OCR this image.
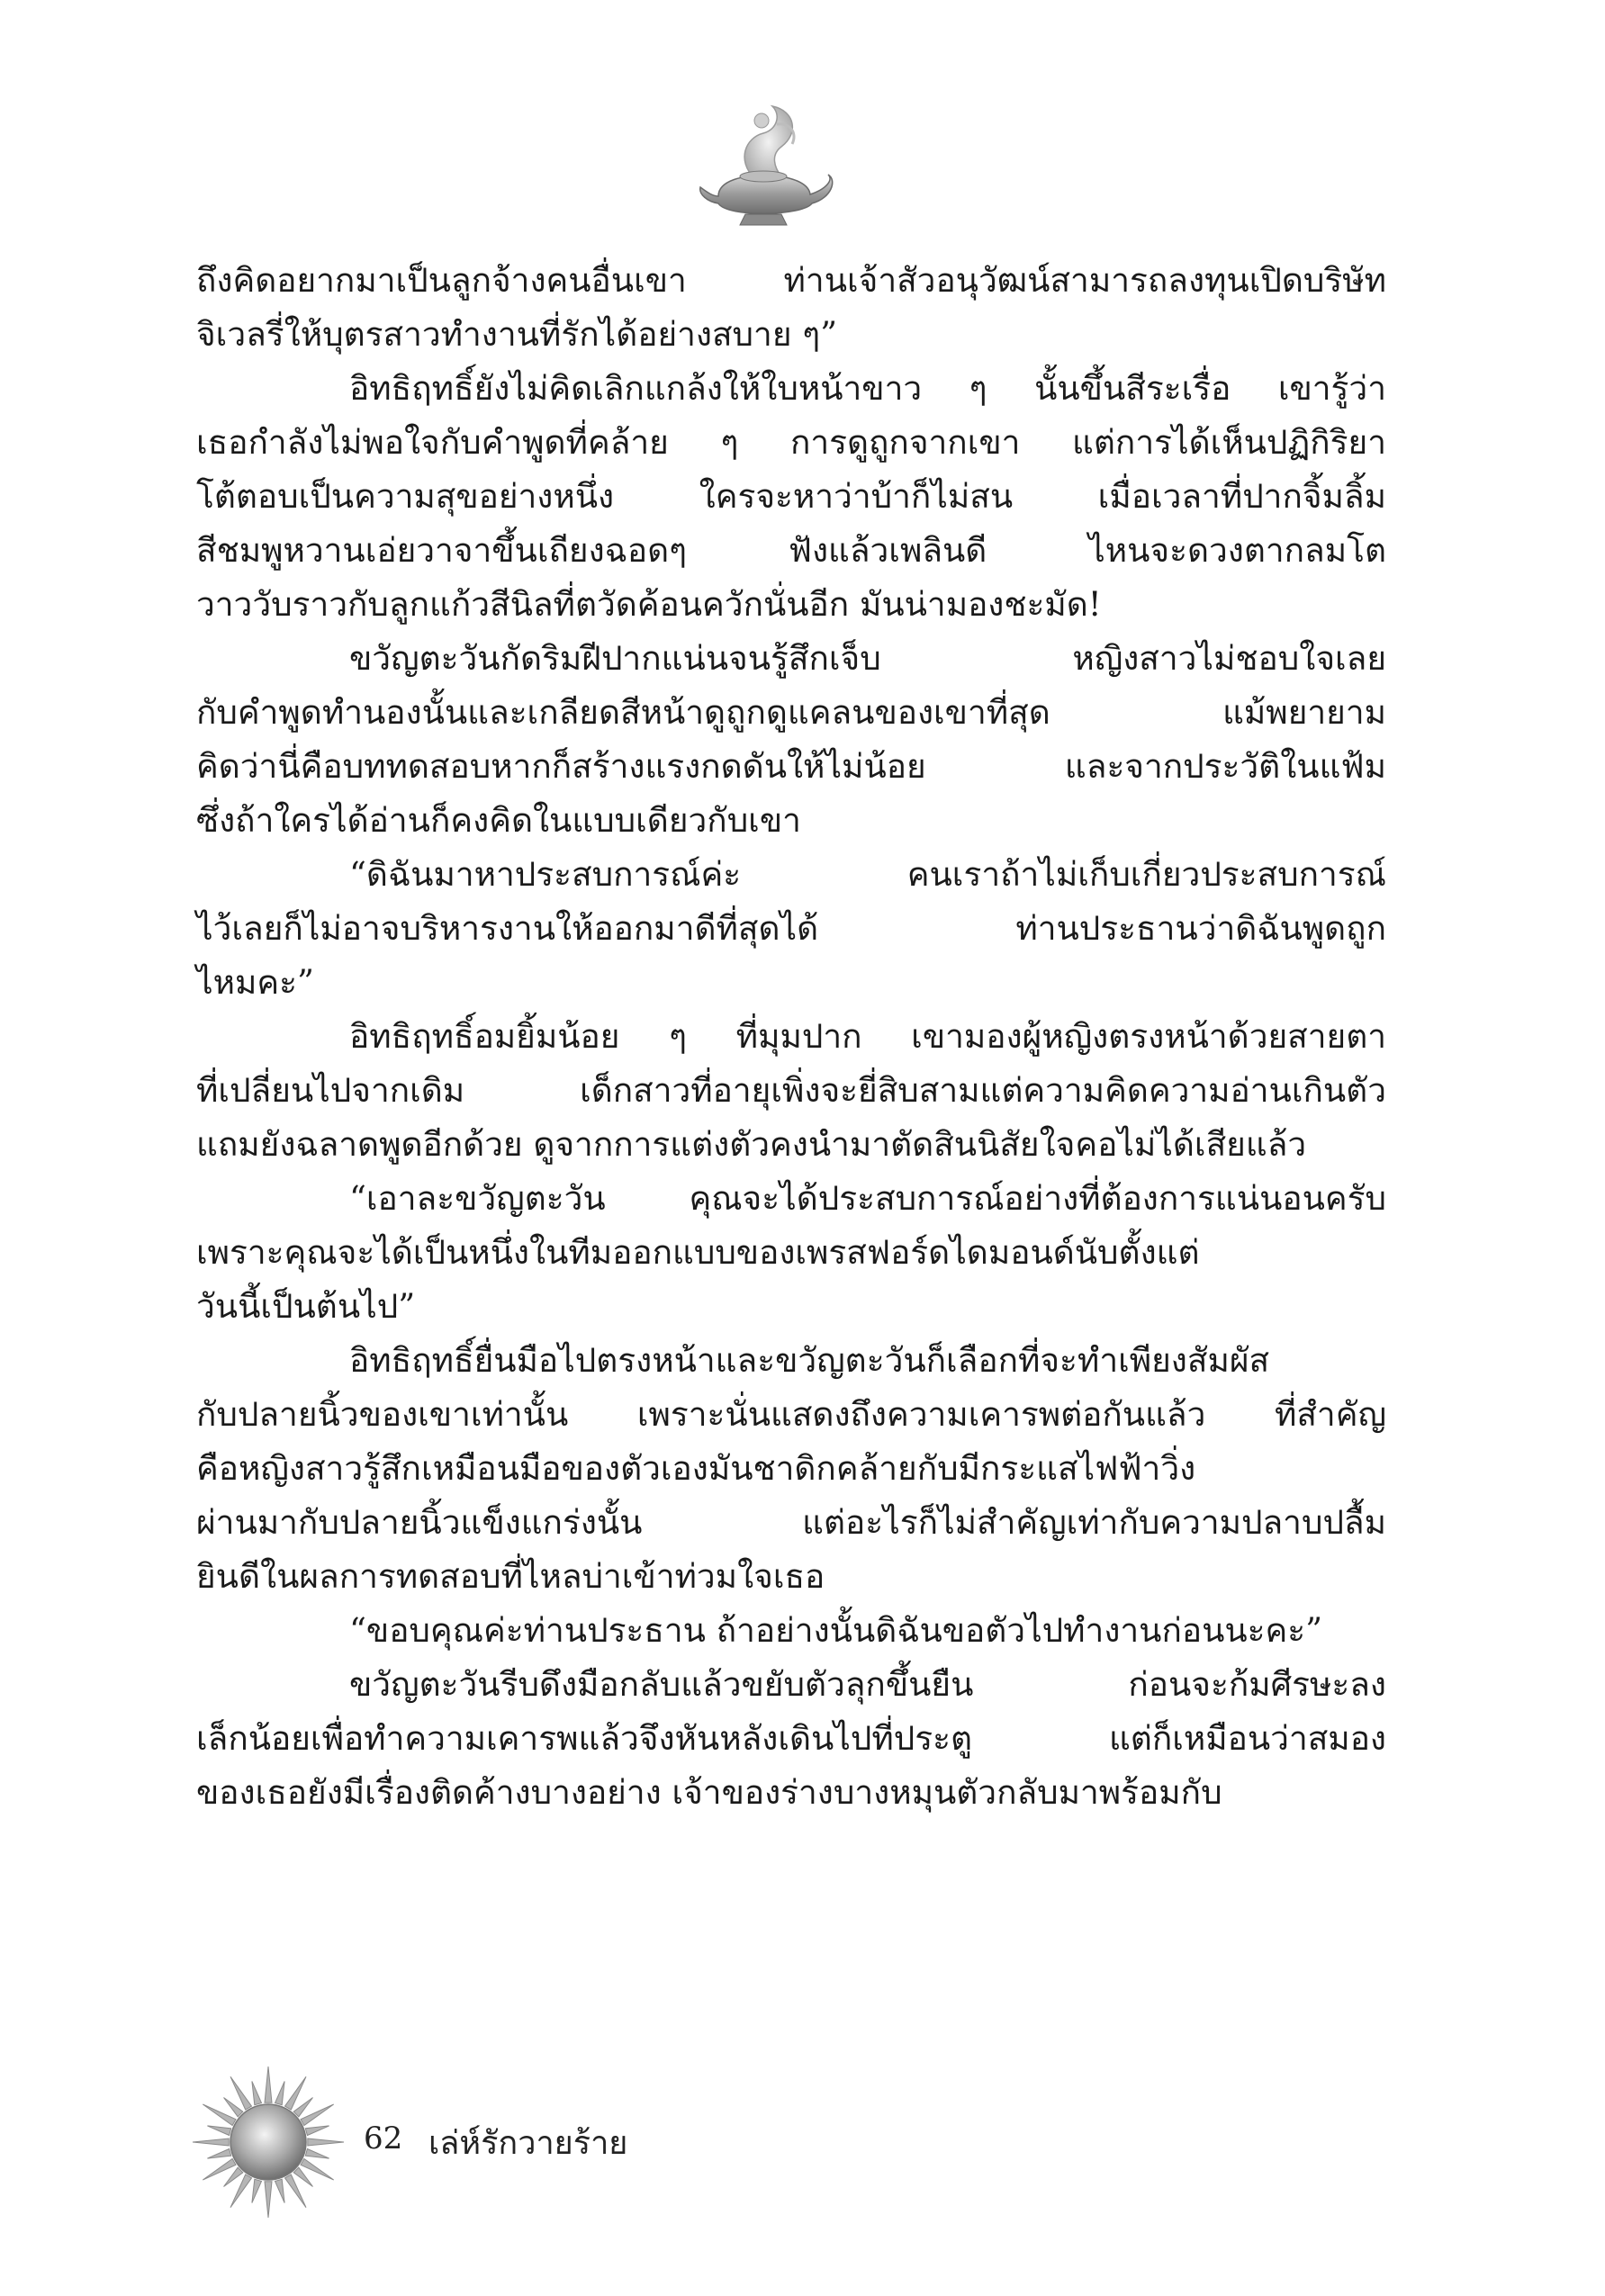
ถึงคิดอยากมาเป็นลูกจ้างคนอื่นเขา ท่านเจ้าสัวอนุวัฒน์สามารถลงทุนเปิดบริษัท
จิเวลรี่ให้บุตรสาวทำงานที่รักได้อย่างสบาย ๆ”

อิทธิฤทธิ์ยังไม่คิดเลิกแกล้งให้ใบหน้าขาว ๆ นั้นขึ้นสีระเรื่อ เขารู้ว่า
เธอกำลังไม่พอใจกับคำพูดที่คล้าย ๆ การดูถูกจากเขา แต่การได้เห็นปฏิกิริยา
โต้ตอบเป็นความสุขอย่างหนึ่ง ใครจะหาว่าบ้าก็ไม่สน เมื่อเวลาที่ปากจิ้มลิ้ม
สีชมพูหวานเอ่ยวาจาขึ้นเถียงฉอดๆ ฟังแล้วเพลินดี ไหนจะดวงตากลมโต
วาววับราวกับลูกแก้วสีนิลที่ตวัดค้อนควักนั่นอีก มันน่ามองชะมัด!

ขวัญตะวันกัดริมฝีปากแน่นจนรู้สึกเจ็บ หญิงสาวไม่ชอบใจเลย
กับคำพูดทำนองนั้นและเกลียดสีหน้าดูถูกดูแคลนของเขาที่สุด แม้พยายาม
คิดว่านี่คือบททดสอบหากก็สร้างแรงกดดันให้ไม่น้อย และจากประวัติในแฟ้ม
ซึ่งถ้าใครได้อ่านก็คงคิดในแบบเดียวกับเขา

“ดิฉันมาหาประสบการณ์ค่ะ คนเราถ้าไม่เก็บเกี่ยวประสบการณ์
ไว้เลยก็ไม่อาจบริหารงานให้ออกมาดีที่สุดได้ ท่านประธานว่าดิฉันพูดถูก
ไหมคะ”

อิทธิฤทธิ์อมยิ้มน้อย ๆ ที่มุมปาก เขามองผู้หญิงตรงหน้าด้วยสายตา
ที่เปลี่ยนไปจากเดิม เด็กสาวที่อายุเพิ่งจะยี่สิบสามแต่ความคิดความอ่านเกินตัว
แถมยังฉลาดพูดอีกด้วย ดูจากการแต่งตัวคงนำมาตัดสินนิสัยใจคอไม่ได้เสียแล้ว

“เอาละขวัญตะวัน คุณจะได้ประสบการณ์อย่างที่ต้องการแน่นอนครับ
เพราะคุณจะได้เป็นหนึ่งในทีมออกแบบของเพรสฟอร์ดไดมอนด์นับตั้งแต่
วันนี้เป็นต้นไป”

อิทธิฤทธิ์ยื่นมือไปตรงหน้าและขวัญตะวันก็เลือกที่จะทำเพียงสัมผัส
กับปลายนิ้วของเขาเท่านั้น เพราะนั่นแสดงถึงความเคารพต่อกันแล้ว ที่สำคัญ
คือหญิงสาวรู้สึกเหมือนมือของตัวเองมันชาดิกคล้ายกับมีกระแสไฟฟ้าวิ่ง
ผ่านมากับปลายนิ้วแข็งแกร่งนั้น แต่อะไรก็ไม่สำคัญเท่ากับความปลาบปลื้ม
ยินดีในผลการทดสอบที่ไหลบ่าเข้าท่วมใจเธอ

“ขอบคุณค่ะท่านประธาน ถ้าอย่างนั้นดิฉันขอตัวไปทำงานก่อนนะคะ”

ขวัญตะวันรีบดึงมือกลับแล้วขยับตัวลุกขึ้นยืน ก่อนจะก้มศีรษะลง
เล็กน้อยเพื่อทำความเคารพแล้วจึงหันหลังเดินไปที่ประตู แต่ก็เหมือนว่าสมอง
ของเธอยังมีเรื่องติดค้างบางอย่าง เจ้าของร่างบางหมุนตัวกลับมาพร้อมกับ

62 เล่ห์รักวายร้าย
